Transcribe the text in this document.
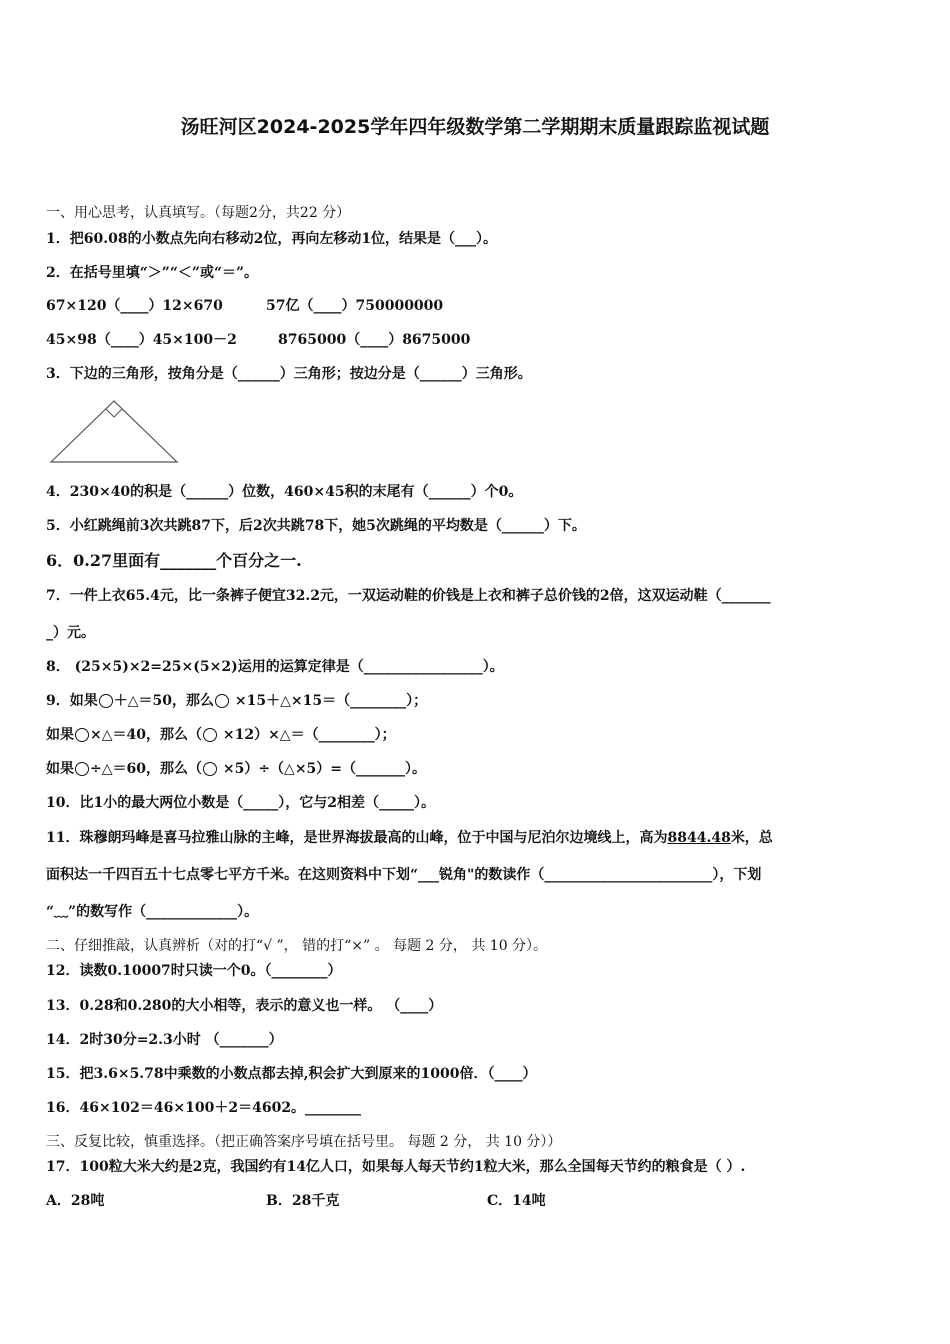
汤旺河区2024-2025学年四年级数学第二学期期末质量跟踪监视试题
一、用心思考，认真填写。（每题2分，共22 分）
1．把60.08的小数点先向右移动2位，再向左移动1位，结果是（___）。
2．在括号里填“＞”“＜”或“＝”。
67×120（____）12×670	57亿（____）750000000
45×98（____）45×100－2	8765000（____）8675000
3．下边的三角形，按角分是（______）三角形；按边分是（______）三角形。
4．230×40的积是（______）位数，460×45积的末尾有（______）个0。
5．小红跳绳前3次共跳87下，后2次共跳78下，她5次跳绳的平均数是（______）下。
6．0.27里面有_______个百分之一.
7．一件上衣65.4元，比一条裤子便宜32.2元，一双运动鞋的价钱是上衣和裤子总价钱的2倍，这双运动鞋（_______
_）元。
8． (25×5)×2=25×(5×2)运用的运算定律是（_________________）。
9．如果 ＋△＝50，那么 ×15＋△×15＝（________）；
如果 ×△＝40，那么（ ×12）×△＝（________）；
如果 ÷△＝60，那么（ ×5）÷（△×5）=（_______）。
10．比1小的最大两位小数是（_____），它与2相差（_____）。
11．珠穆朗玛峰是喜马拉雅山脉的主峰，是世界海拔最高的山峰，位于中国与尼泊尔边境线上，高为8844.48米，总
面积达一千四百五十七点零七平方千米。在这则资料中下划“___锐角"的数读作（________________________），下划
“﹏”的数写作（_____________）。
二、仔细推敲，认真辨析（对的打“√ ”， 错的打“×” 。 每题 2 分， 共 10 分）。
12．读数0.10007时只读一个0。（________）
13．0.28和0.280的大小相等，表示的意义也一样。 （____）
14．2时30分=2.3小时 （_______）
15．把3.6×5.78中乘数的小数点都去掉,积会扩大到原来的1000倍．（____）
16．46×102＝46×100＋2＝4602。________
三、反复比较，慎重选择。（把正确答案序号填在括号里。 每题 2 分， 共 10 分））
17．100粒大米大约是2克，我国约有14亿人口，如果每人每天节约1粒大米，那么全国每天节约的粮食是（ ）.
A．28吨	B．28千克	C．14吨
